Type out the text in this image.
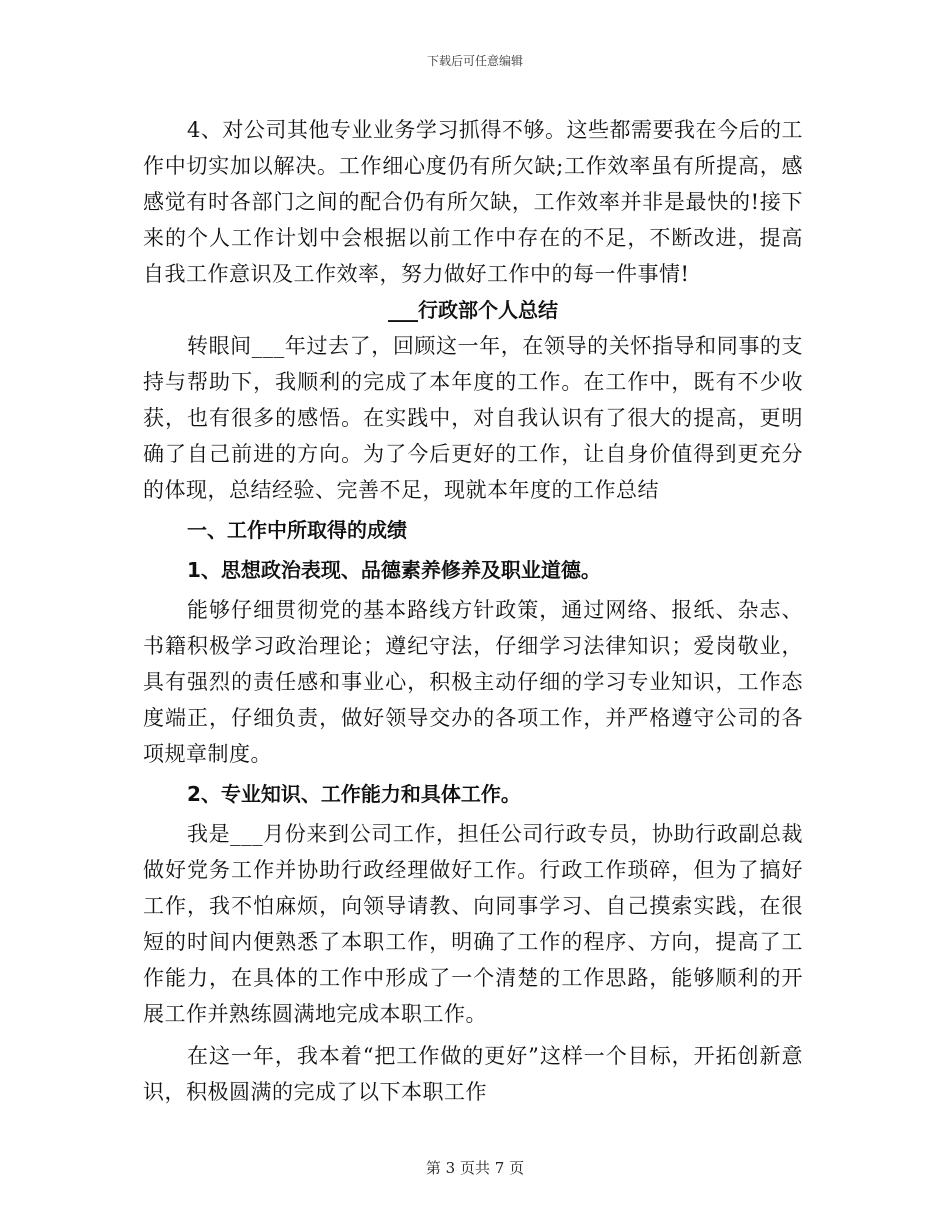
下载后可任意编辑

4、对公司其他专业业务学习抓得不够。这些都需要我在今后的工作中切实加以解决。工作细心度仍有所欠缺;工作效率虽有所提高，感感觉有时各部门之间的配合仍有所欠缺，工作效率并非是最快的!接下来的个人工作计划中会根据以前工作中存在的不足，不断改进，提高自我工作意识及工作效率，努力做好工作中的每一件事情!

___行政部个人总结

转眼间___年过去了，回顾这一年，在领导的关怀指导和同事的支持与帮助下，我顺利的完成了本年度的工作。在工作中，既有不少收获，也有很多的感悟。在实践中，对自我认识有了很大的提高，更明确了自己前进的方向。为了今后更好的工作，让自身价值得到更充分的体现，总结经验、完善不足，现就本年度的工作总结

一、工作中所取得的成绩

1、思想政治表现、品德素养修养及职业道德。

能够仔细贯彻党的基本路线方针政策，通过网络、报纸、杂志、书籍积极学习政治理论；遵纪守法，仔细学习法律知识；爱岗敬业，具有强烈的责任感和事业心，积极主动仔细的学习专业知识，工作态度端正，仔细负责，做好领导交办的各项工作，并严格遵守公司的各项规章制度。

2、专业知识、工作能力和具体工作。

我是___月份来到公司工作，担任公司行政专员，协助行政副总裁做好党务工作并协助行政经理做好工作。行政工作琐碎，但为了搞好工作，我不怕麻烦，向领导请教、向同事学习、自己摸索实践，在很短的时间内便熟悉了本职工作，明确了工作的程序、方向，提高了工作能力，在具体的工作中形成了一个清楚的工作思路，能够顺利的开展工作并熟练圆满地完成本职工作。

在这一年，我本着“把工作做的更好”这样一个目标，开拓创新意识，积极圆满的完成了以下本职工作

第 3 页共 7 页
